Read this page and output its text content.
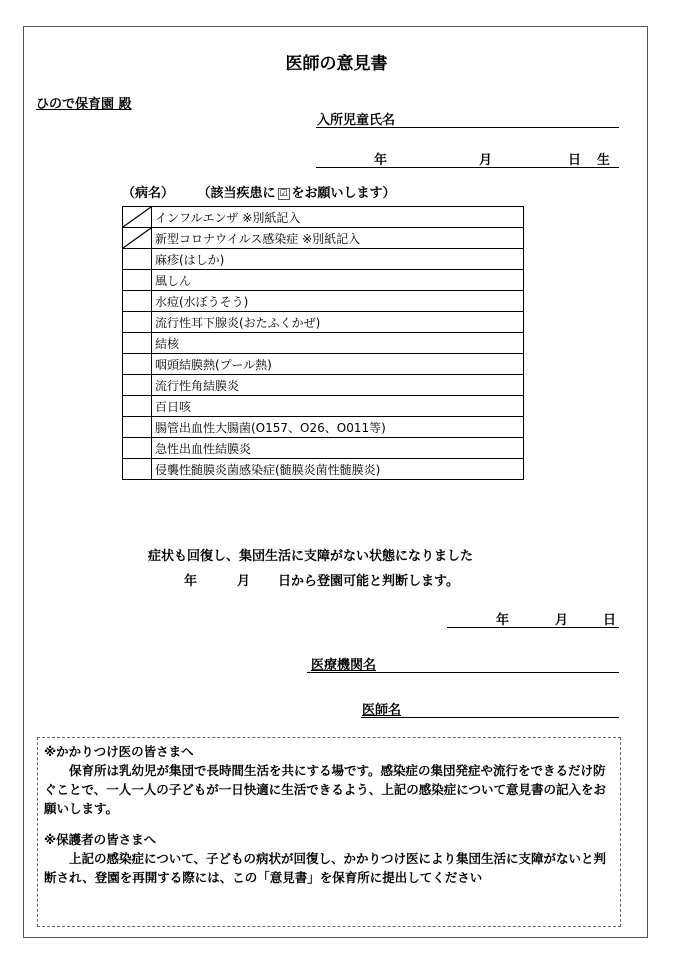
医師の意見書
ひので保育園 殿
入所児童氏名
年	月	日 生
（病名） （該当疾患に ☑ をお願いします）
	インフルエンザ ※別紙記入

	新型コロナウイルス感染症 ※別紙記入
	麻疹(はしか)
	風しん
	水痘(水ぼうそう)
	流行性耳下腺炎(おたふくかぜ)
	結核
	咽頭結膜熱(プール熱)
	流行性角結膜炎
	百日咳
	腸管出血性大腸菌(O157、O26、O011等)
	急性出血性結膜炎
	侵襲性髄膜炎菌感染症(髄膜炎菌性髄膜炎)
症状も回復し、集団生活に支障がない状態になりました
年	月 日から登園可能と判断します。
年	月	日
医療機関名
医師名

※かかりつけ医の皆さまへ

保育所は乳幼児が集団で長時間生活を共にする場です。感染症の集団発症や流行をできるだけ防ぐことで、一人一人の子どもが一日快適に生活できるよう、上記の感染症について意見書の記入をお願いします。

※保護者の皆さまへ

上記の感染症について、子どもの病状が回復し、かかりつけ医により集団生活に支障がないと判断され、登園を再開する際には、この「意見書」を保育所に提出してください
